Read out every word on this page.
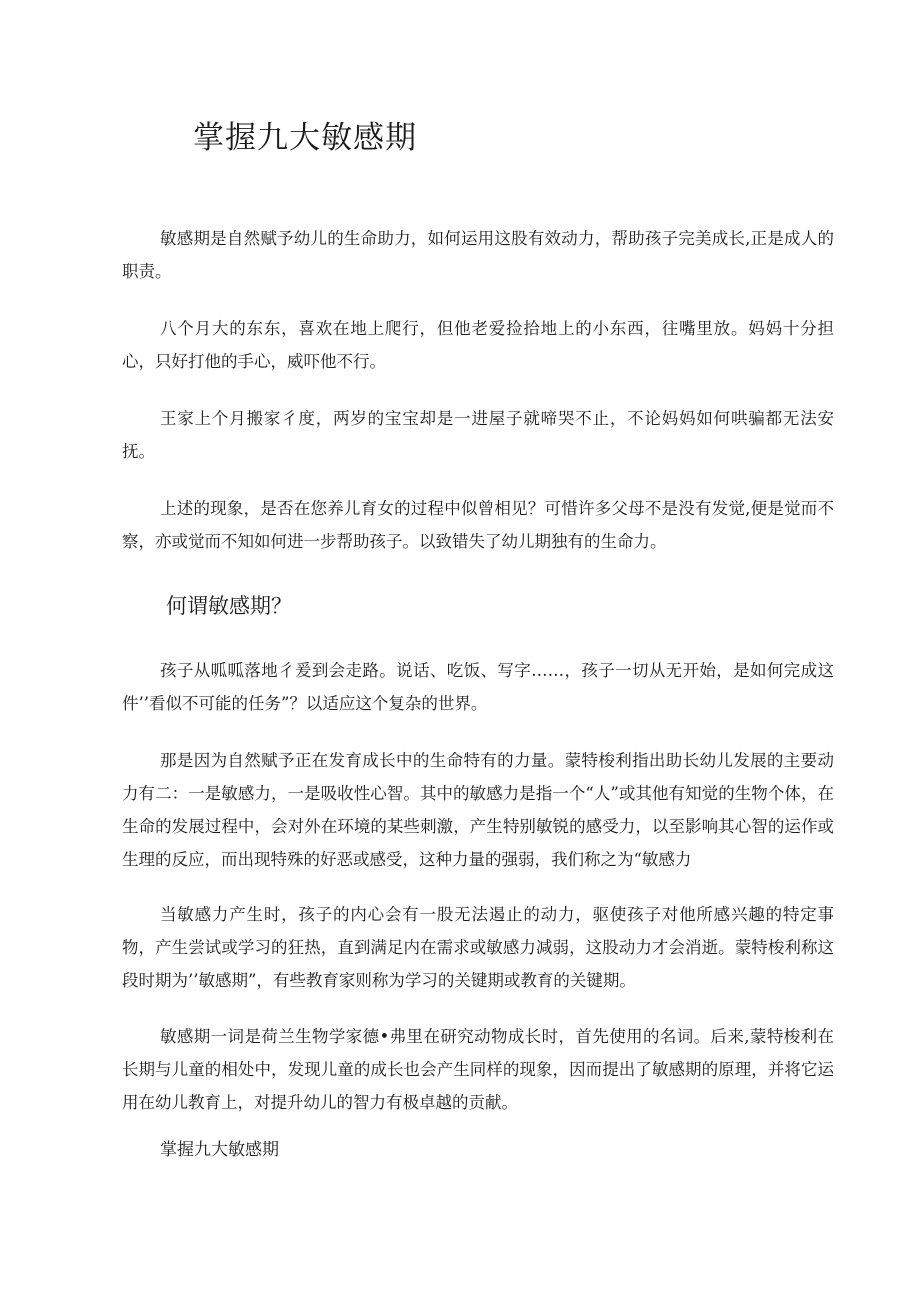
掌握九大敏感期

敏感期是自然赋予幼儿的生命助力，如何运用这股有效动力，帮助孩子完美成长,正是成人的职责。

八个月大的东东，喜欢在地上爬行，但他老爱捡拾地上的小东西，往嘴里放。妈妈十分担心，只好打他的手心，威吓他不行。

王家上个月搬家彳度，两岁的宝宝却是一进屋子就啼哭不止，不论妈妈如何哄骗都无法安抚。

上述的现象，是否在您养儿育女的过程中似曾相见？可惜许多父母不是没有发觉,便是觉而不察，亦或觉而不知如何进一步帮助孩子。以致错失了幼儿期独有的生命力。

何谓敏感期？

孩子从呱呱落地彳爰到会走路。说话、吃饭、写字……，孩子一切从无开始，是如何完成这件’’看似不可能的任务”？以适应这个复杂的世界。

那是因为自然赋予正在发育成长中的生命特有的力量。蒙特梭利指出助长幼儿发展的主要动力有二：一是敏感力，一是吸收性心智。其中的敏感力是指一个“人”或其他有知觉的生物个体，在生命的发展过程中，会对外在环境的某些刺激，产生特别敏锐的感受力，以至影响其心智的运作或生理的反应，而出现特殊的好恶或感受，这种力量的强弱，我们称之为“敏感力

当敏感力产生时，孩子的内心会有一股无法遏止的动力，驱使孩子对他所感兴趣的特定事物，产生尝试或学习的狂热，直到满足内在需求或敏感力减弱，这股动力才会消逝。蒙特梭利称这段时期为’’敏感期”，有些教育家则称为学习的关键期或教育的关键期。

敏感期一词是荷兰生物学家德•弗里在研究动物成长时，首先使用的名词。后来,蒙特梭利在长期与儿童的相处中，发现儿童的成长也会产生同样的现象，因而提出了敏感期的原理，并将它运用在幼儿教育上，对提升幼儿的智力有极卓越的贡献。

掌握九大敏感期
